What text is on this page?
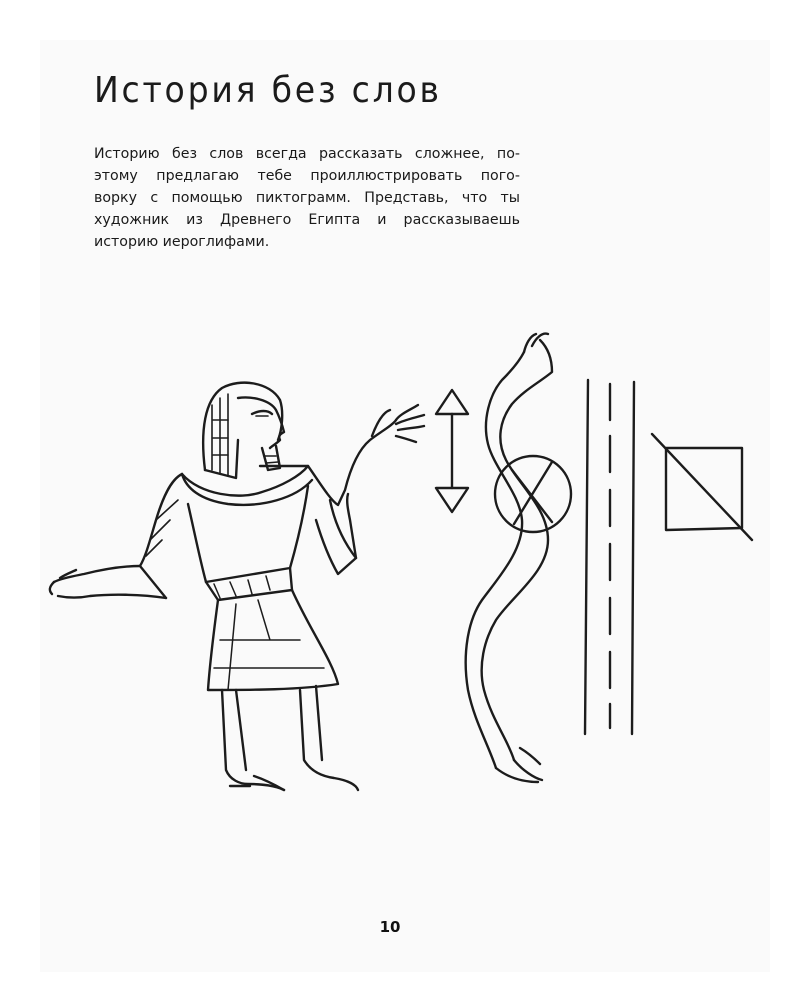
История без слов
Историю без слов всегда рассказать сложнее, по-
этому предлагаю тебе проиллюстрировать пого-
ворку с помощью пиктограмм. Представь, что ты
художник из Древнего Египта и рассказываешь
историю иероглифами.
10
